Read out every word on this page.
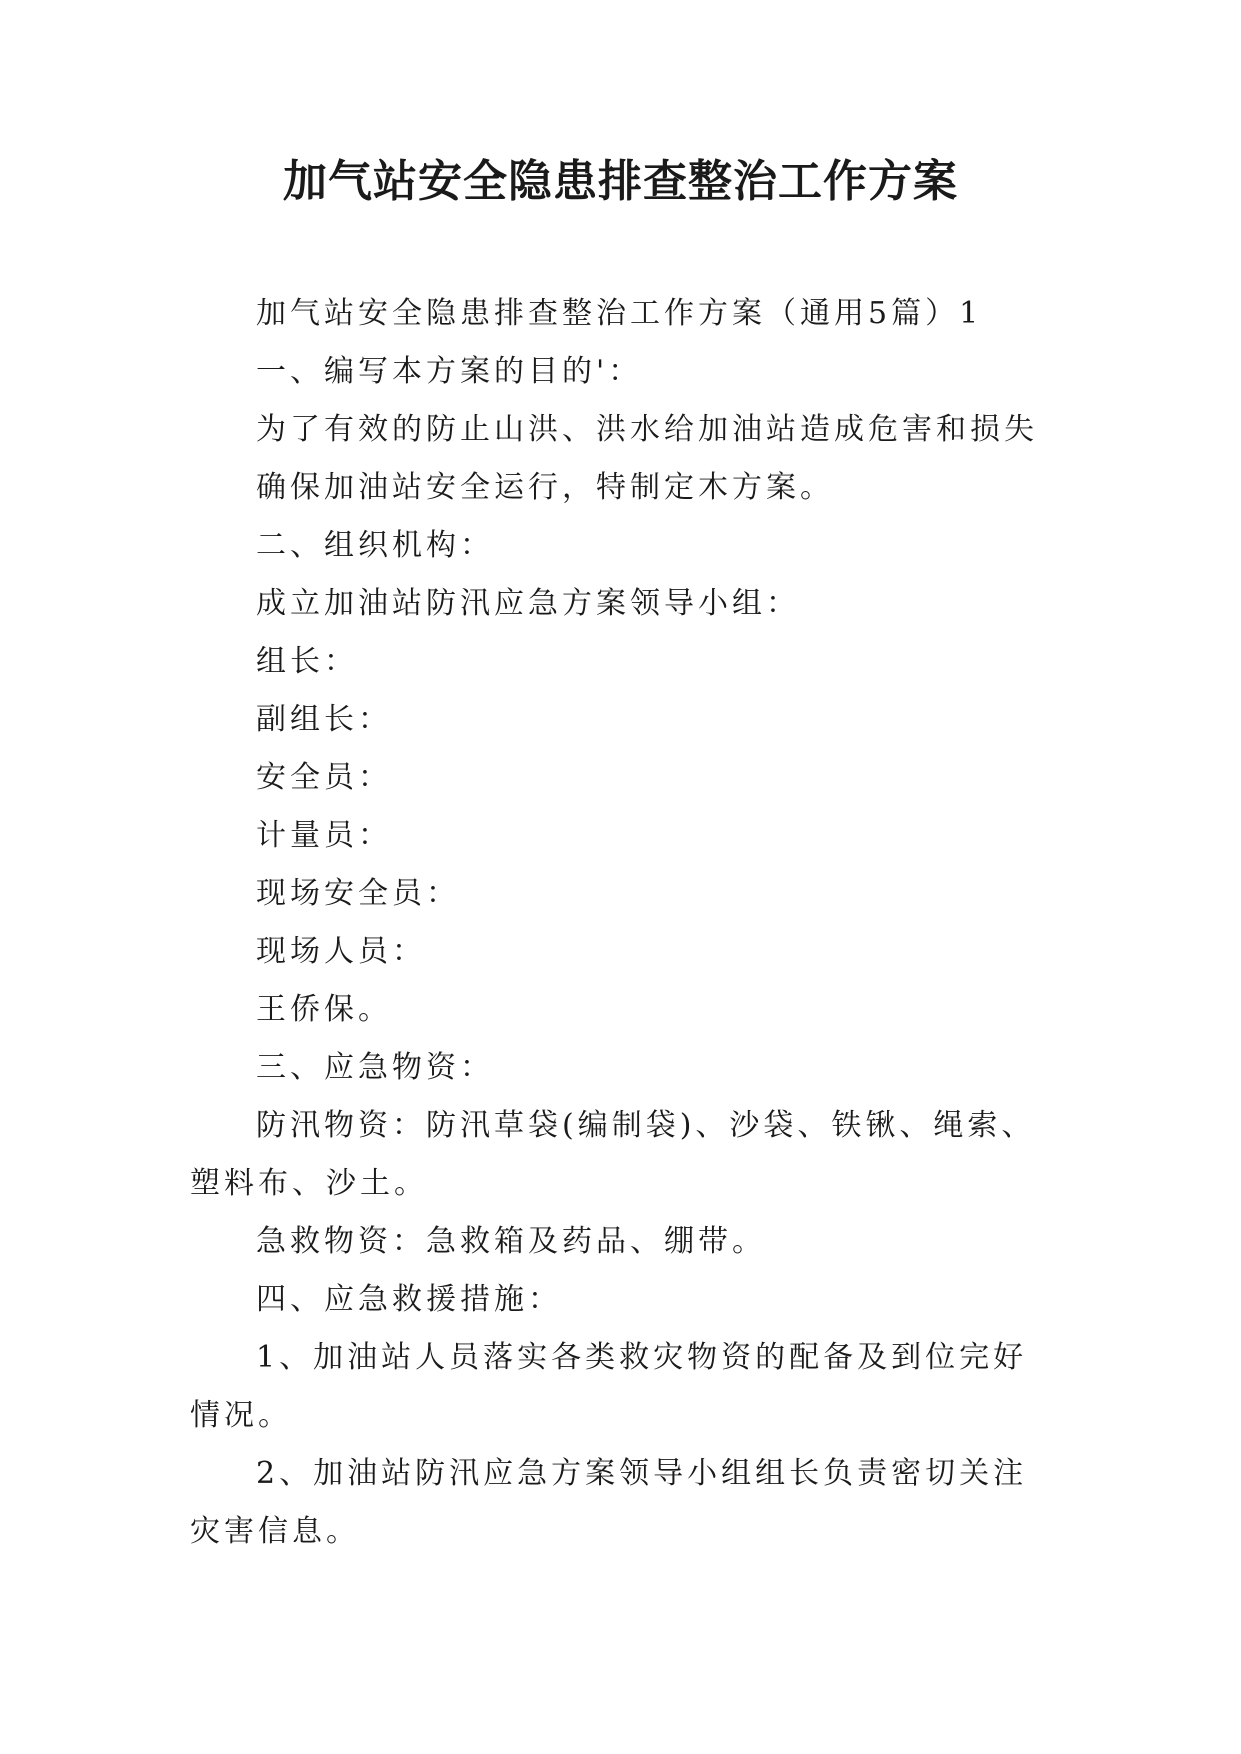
加气站安全隐患排查整治工作方案

加气站安全隐患排查整治工作方案（通用5篇）1

一、编写本方案的目的'：

为了有效的防止山洪、洪水给加油站造成危害和损失

确保加油站安全运行，特制定木方案。

二、组织机构：

成立加油站防汛应急方案领导小组：

组长：

副组长：

安全员：

计量员：

现场安全员：

现场人员：

王侨保。

三、应急物资：

防汛物资：防汛草袋(编制袋)、沙袋、铁锹、绳索、塑料布、沙土。

急救物资：急救箱及药品、绷带。

四、应急救援措施：

1、加油站人员落实各类救灾物资的配备及到位完好情况。

2、加油站防汛应急方案领导小组组长负责密切关注灾害信息。
